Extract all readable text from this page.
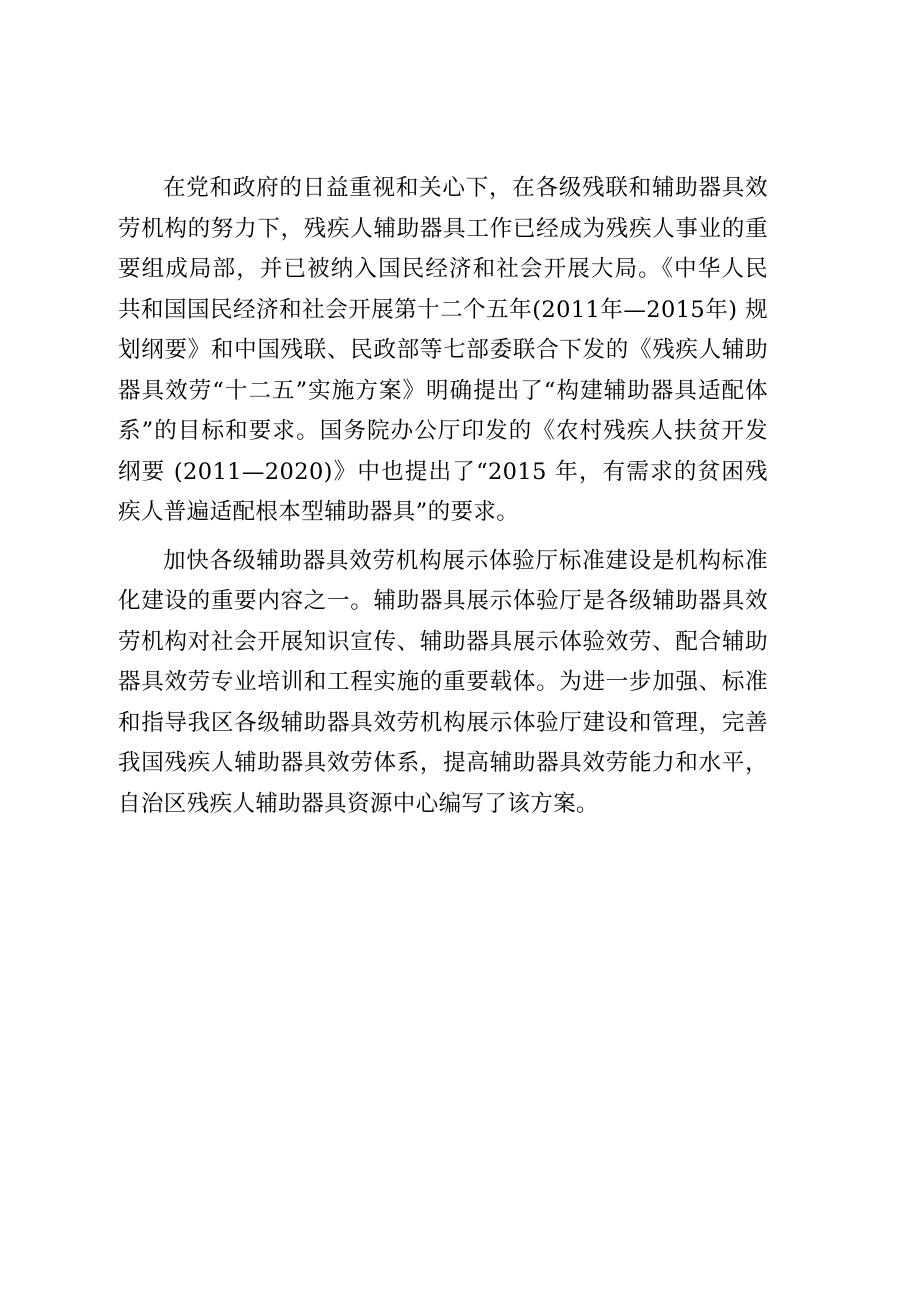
在党和政府的日益重视和关心下，在各级残联和辅助器具效劳机构的努力下，残疾人辅助器具工作已经成为残疾人事业的重要组成局部，并已被纳入国民经济和社会开展大局。《中华人民共和国国民经济和社会开展第十二个五年(2011年—2015年) 规划纲要》和中国残联、民政部等七部委联合下发的《残疾人辅助器具效劳“十二五”实施方案》明确提出了“构建辅助器具适配体系”的目标和要求。国务院办公厅印发的《农村残疾人扶贫开发纲要 (2011—2020)》中也提出了“2015 年，有需求的贫困残疾人普遍适配根本型辅助器具”的要求。

加快各级辅助器具效劳机构展示体验厅标准建设是机构标准化建设的重要内容之一。辅助器具展示体验厅是各级辅助器具效劳机构对社会开展知识宣传、辅助器具展示体验效劳、配合辅助器具效劳专业培训和工程实施的重要载体。为进一步加强、标准和指导我区各级辅助器具效劳机构展示体验厅建设和管理，完善我国残疾人辅助器具效劳体系，提高辅助器具效劳能力和水平，自治区残疾人辅助器具资源中心编写了该方案。
